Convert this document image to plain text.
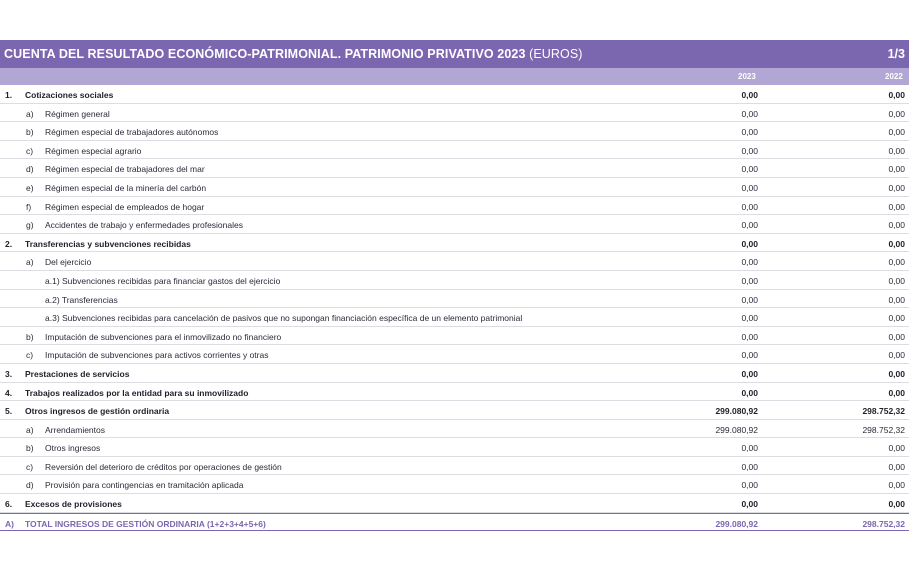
CUENTA DEL RESULTADO ECONÓMICO-PATRIMONIAL. PATRIMONIO PRIVATIVO 2023 (EUROS)	1/3
2023	2022
1. Cotizaciones sociales	0,00	0,00
a) Régimen general	0,00	0,00
b) Régimen especial de trabajadores autónomos	0,00	0,00
c) Régimen especial agrario	0,00	0,00
d) Régimen especial de trabajadores del mar	0,00	0,00
e) Régimen especial de la minería del carbón	0,00	0,00
f) Régimen especial de empleados de hogar	0,00	0,00
g) Accidentes de trabajo y enfermedades profesionales	0,00	0,00
2. Transferencias y subvenciones recibidas	0,00	0,00
a) Del ejercicio	0,00	0,00
a.1) Subvenciones recibidas para financiar gastos del ejercicio	0,00	0,00
a.2) Transferencias	0,00	0,00
a.3) Subvenciones recibidas para cancelación de pasivos que no supongan financiación específica de un elemento patrimonial	0,00	0,00
b) Imputación de subvenciones para el inmovilizado no financiero	0,00	0,00
c) Imputación de subvenciones para activos corrientes y otras	0,00	0,00
3. Prestaciones de servicios	0,00	0,00
4. Trabajos realizados por la entidad para su inmovilizado	0,00	0,00
5. Otros ingresos de gestión ordinaria	299.080,92	298.752,32
a) Arrendamientos	299.080,92	298.752,32
b) Otros ingresos	0,00	0,00
c) Reversión del deterioro de créditos por operaciones de gestión	0,00	0,00
d) Provisión para contingencias en tramitación aplicada	0,00	0,00
6. Excesos de provisiones	0,00	0,00
A) TOTAL INGRESOS DE GESTIÓN ORDINARIA (1+2+3+4+5+6)	299.080,92	298.752,32
